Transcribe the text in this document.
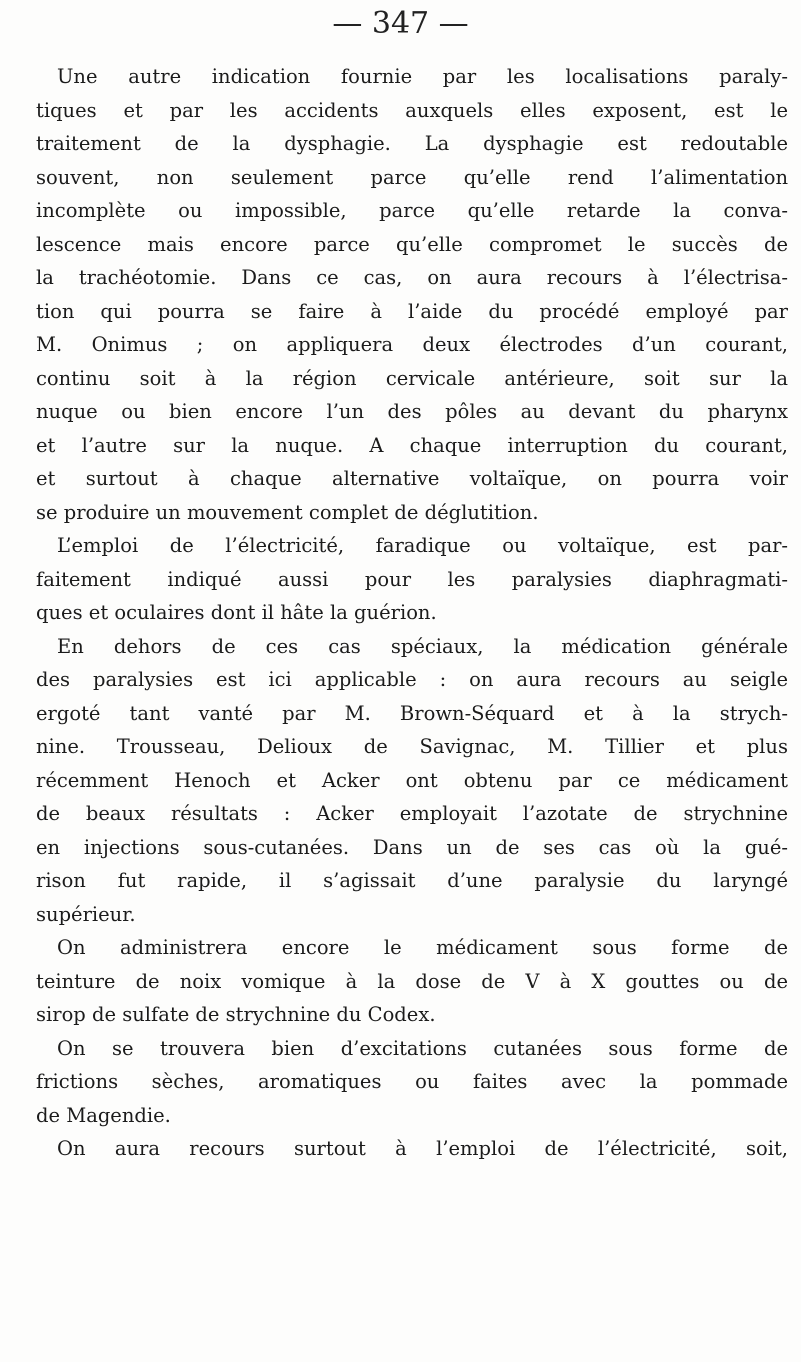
— 347 —
Une autre indication fournie par les localisations paraly-
tiques et par les accidents auxquels elles exposent, est le
traitement de la dysphagie. La dysphagie est redoutable
souvent, non seulement parce qu’elle rend l’alimentation
incomplète ou impossible, parce qu’elle retarde la conva-
lescence mais encore parce qu’elle compromet le succès de
la trachéotomie. Dans ce cas, on aura recours à l’électrisa-
tion qui pourra se faire à l’aide du procédé employé par
M. Onimus ; on appliquera deux électrodes d’un courant,
continu soit à la région cervicale antérieure, soit sur la
nuque ou bien encore l’un des pôles au devant du pharynx
et l’autre sur la nuque. A chaque interruption du courant,
et surtout à chaque alternative voltaïque, on pourra voir
se produire un mouvement complet de déglutition.
L’emploi de l’électricité, faradique ou voltaïque, est par-
faitement indiqué aussi pour les paralysies diaphragmati-
ques et oculaires dont il hâte la guérion.
En dehors de ces cas spéciaux, la médication générale
des paralysies est ici applicable : on aura recours au seigle
ergoté tant vanté par M. Brown-Séquard et à la strych-
nine. Trousseau, Delioux de Savignac, M. Tillier et plus
récemment Henoch et Acker ont obtenu par ce médicament
de beaux résultats : Acker employait l’azotate de strychnine
en injections sous-cutanées. Dans un de ses cas où la gué-
rison fut rapide, il s’agissait d’une paralysie du laryngé
supérieur.
On administrera encore le médicament sous forme de
teinture de noix vomique à la dose de V à X gouttes ou de
sirop de sulfate de strychnine du Codex.
On se trouvera bien d’excitations cutanées sous forme de
frictions sèches, aromatiques ou faites avec la pommade
de Magendie.
On aura recours surtout à l’emploi de l’électricité, soit,
